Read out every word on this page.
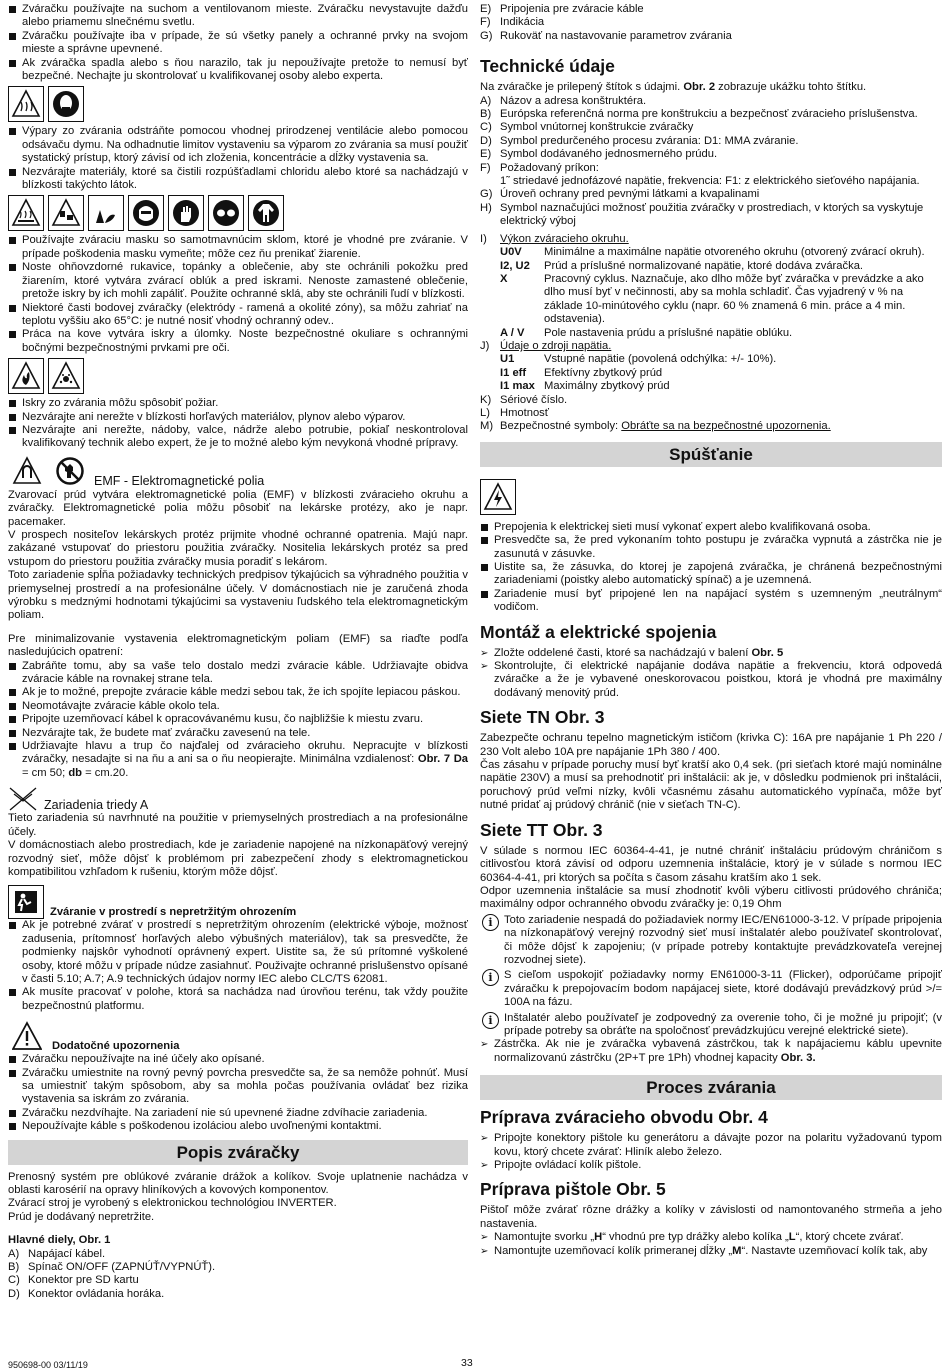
Zváračku používajte na suchom a ventilovanom mieste. Zváračku nevystavujte dažďu alebo priamemu slnečnému svetlu.
Zváračku používajte iba v prípade, že sú všetky panely a ochranné prvky na svojom mieste a správne upevnené.
Ak zváračka spadla alebo s ňou narazilo, tak ju nepoužívajte pretože to nemusí byť bezpečné. Nechajte ju skontrolovať u kvalifikovanej osoby alebo experta.
Výpary zo zvárania odstráňte pomocou vhodnej prirodzenej ventilácie alebo pomocou odsávaču dymu. Na odhadnutie limitov vystaveniu sa výparom zo zvárania sa musí použiť systatický prístup, ktorý závisí od ich zloženia, koncentrácie a dĺžky vystavenia sa.
Nezvárajte materiály, ktoré sa čistili rozpúšťadlami chloridu alebo ktoré sa nachádzajú v blízkosti takýchto látok.
Používajte zváraciu masku so samotmavnúcim sklom, ktoré je vhodné pre zváranie. V prípade poškodenia masku vymeňte; môže cez ňu prenikať žiarenie.
Noste ohňovzdorné rukavice, topánky a oblečenie, aby ste ochránili pokožku pred žiarením, ktoré vytvára zvárací oblúk a pred iskrami. Nenoste zamastené oblečenie, pretože iskry by ich mohli zapáliť. Použite ochranné sklá, aby ste ochránili ľudí v blízkosti.
Niektoré časti bodovej zváračky (elektródy - ramená a okolité zóny), sa môžu zahriať na teplotu vyššiu ako 65°C: je nutné nosiť vhodný ochranný odev..
Práca na kove vytvára iskry a úlomky. Noste bezpečnostné okuliare s ochrannými bočnými bezpečnostnými prvkami pre oči.
Iskry zo zvárania môžu spôsobiť požiar.
Nezvárajte ani nerežte v blízkosti horľavých materiálov, plynov alebo výparov.
Nezvárajte ani nerežte, nádoby, valce, nádrže alebo potrubie, pokiaľ neskontroloval kvalifikovaný technik alebo expert, že je to možné alebo kým nevykoná vhodné prípravy.
EMF - Elektromagnetické polia

Zvarovací prúd vytvára elektromagnetické polia (EMF) v blízkosti zváracieho okruhu a zváračky. Elektromagnetické polia môžu pôsobiť na lekárske protézy, ako je napr. pacemaker.

V prospech nositeľov lekárskych protéz prijmite vhodné ochranné opatrenia. Majú napr. zakázané vstupovať do priestoru použitia zváračky. Nositelia lekárskych protéz sa pred vstupom do priestoru použitia zváračky musia poradiť s lekárom.

Toto zariadenie spĺňa požiadavky technických predpisov týkajúcich sa výhradného použitia v priemyselnej prostredí a na profesionálne účely. V domácnostiach nie je zaručená zhoda výrobku s medznými hodnotami týkajúcimi sa vystaveniu ľudského tela elektromagnetickým poliam.

Pre minimalizovanie vystavenia elektromagnetickým poliam (EMF) sa riaďte podľa nasledujúcich opatrení:

Zabráňte tomu, aby sa vaše telo dostalo medzi zváracie káble. Udržiavajte obidva zváracie káble na rovnakej strane tela.
Ak je to možné, prepojte zváracie káble medzi sebou tak, že ich spojíte lepiacou páskou.
Neomotávajte zváracie káble okolo tela.
Pripojte uzemňovací kábel k opracovávanému kusu, čo najbližšie k miestu zvaru.
Nezvárajte tak, že budete mať zváračku zavesenú na tele.
Udržiavajte hlavu a trup čo najďalej od zváracieho okruhu. Nepracujte v blízkosti zváračky, nesadajte si na ňu a ani sa o ňu neopierajte. Minimálna vzdialenosť: Obr. 7 Da = cm 50; db = cm.20.
Zariadenia triedy A

Tieto zariadenia sú navrhnuté na použitie v priemyselných prostrediach a na profesionálne účely.

V domácnostiach alebo prostrediach, kde je zariadenie napojené na nízkonapäťový verejný rozvodný sieť, môže dôjsť k problémom pri zabezpečení zhody s elektromagnetickou kompatibilitou vzhľadom k rušeniu, ktorým môže dôjsť.

Zváranie v prostredí s nepretržitým ohrozením
Ak je potrebné zvárať v prostredí s nepretržitým ohrozením (elektrické výboje, možnosť zadusenia, prítomnosť horľavých alebo výbušných materiálov), tak sa presvedčte, že podmienky najskôr vyhodnotí oprávnený expert. Uistite sa, že sú prítomné vyškolené osoby, ktoré môžu v prípade núdze zasiahnuť. Použivajte ochranné prislušenstvo opísané v časti 5.10; A.7; A.9 technických údajov normy IEC alebo CLC/TS 62081.
Ak musíte pracovať v polohe, ktorá sa nachádza nad úrovňou terénu, tak vždy použite bezpečnostnú platformu.
Dodatočné upozornenia
Zváračku nepoužívajte na iné účely ako opísané.
Zváračku umiestnite na rovný pevný povrcha presvedčte sa, že sa nemôže pohnúť. Musí sa umiestniť takým spôsobom, aby sa mohla počas používania ovládať bez rizika vystavenia sa iskrám zo zvárania.
Zváračku nezdvíhajte. Na zariadení nie sú upevnené žiadne zdvíhacie zariadenia.
Nepoužívajte káble s poškodenou izoláciou alebo uvoľnenými kontaktmi.
Popis zváračky

Prenosný systém pre oblúkové zváranie drážok a kolíkov. Svoje uplatnenie nachádza v oblasti karosérií na opravy hliníkových a kovových komponentov.

Zvárací stroj je vyrobený s elektronickou technológiou INVERTER.

Prúd je dodávaný nepretržite.

Hlavné diely, Obr. 1
A) Napájací kábel.
B) Spínač ON/OFF (ZAPNÚŤ/VYPNÚŤ).
C) Konektor pre SD kartu
D) Konektor ovládania horáka.
E) Pripojenia pre zváracie káble
F) Indikácia
G) Rukoväť na nastavovanie parametrov zvárania
Technické údaje

Na zváračke je prilepený štítok s údajmi. Obr. 2 zobrazuje ukážku tohto štítku.

A) Názov a adresa konštruktéra.
B) Európska referenčná norma pre konštrukciu a bezpečnosť zváracieho príslušenstva.
C) Symbol vnútornej konštrukcie zváračky
D) Symbol predurčeného procesu zvárania: D1: MMA zváranie.
E) Symbol dodávaného jednosmerného prúdu.
F) Požadovaný príkon:
1˜ striedavé jednofázové napätie, frekvencia: F1: z elektrického sieťového napájania.
G) Úroveň ochrany pred pevnými látkami a kvapalinami
H) Symbol naznačujúci možnosť použitia zváračky v prostrediach, v ktorých sa vyskytuje elektrický výboj
I) Výkon zváracieho okruhu.
U0V	Minimálne a maximálne napätie otvoreného okruhu (otvorený zvárací okruh).
I2, U2	Prúd a príslušné normalizované napätie, ktoré dodáva zváračka.
X	Pracovný cyklus. Naznačuje, ako dlho môže byť zváračka v prevádzke a ako dlho musí byť v nečinnosti, aby sa mohla schladiť. Čas vyjadrený v % na základe 10-minútového cyklu (napr. 60 % znamená 6 min. práce a 4 min. odstavenia).
A / V	Pole nastavenia prúdu a príslušné napätie oblúku.
J) Údaje o zdroji napätia.
U1	Vstupné napätie (povolená odchýlka: +/- 10%).
I1 eff	Efektívny zbytkový prúd
I1 max Maximálny zbytkový prúd
K) Sériové číslo.
L) Hmotnosť
M) Bezpečnostné symboly: Obráťte sa na bezpečnostné upozornenia.
Spúšťanie
Prepojenia k elektrickej sieti musí vykonať expert alebo kvalifikovaná osoba.
Presvedčte sa, že pred vykonaním tohto postupu je zváračka vypnutá a zástrčka nie je zasunutá v zásuvke.
Uistite sa, že zásuvka, do ktorej je zapojená zváračka, je chránená bezpečnostnými zariadeniami (poistky alebo automatický spínač) a je uzemnená.
Zariadenie musí byť pripojené len na napájací systém s uzemneným „neutrálnym“ vodičom.
Montáž a elektrické spojenia
➢ Zložte oddelené časti, ktoré sa nachádzajú v balení Obr. 5
➢ Skontrolujte, či elektrické napájanie dodáva napätie a frekvenciu, ktorá odpovedá zváračke a že je vybavené oneskorovacou poistkou, ktorá je vhodná pre maximálny dodávaný menovitý prúd.
Siete TN Obr. 3

Zabezpečte ochranu tepelno magnetickým ističom (krivka C): 16A pre napájanie 1 Ph 220 / 230 Volt alebo 10A pre napájanie 1Ph 380 / 400.

Čas zásahu v prípade poruchy musí byť kratší ako 0,4 sek. (pri sieťach ktoré majú nominálne napätie 230V) a musí sa prehodnotiť pri inštalácii: ak je, v dôsledku podmienok pri inštalácii, poruchový prúd veľmi nízky, kvôli včasnému zásahu automatického vypínača, môže byť nutné pridať aj prúdový chránič (nie v sieťach TN-C).

Siete TT Obr. 3

V súlade s normou IEC 60364-4-41, je nutné chrániť inštaláciu prúdovým chráničom s citlivosťou ktorá závisí od odporu uzemnenia inštalácie, ktorý je v súlade s normou IEC 60364-4-41, pri ktorých sa počíta s časom zásahu kratším ako 1 sek.

Odpor uzemnenia inštalácie sa musí zhodnotiť kvôli výberu citlivosti prúdového chrániča; maximálny odpor ochranného obvodu zváračky je: 0,19 Ohm

i	Toto zariadenie nespadá do požiadaviek normy IEC/EN61000-3-12. V prípade pripojenia na nízkonapäťový verejný rozvodný sieť musí inštalatér alebo používateľ skontrolovať, či môže dôjsť k zapojeniu; (v prípade potreby kontaktujte prevádzkovateľa verejnej rozvodnej siete).
i	S cieľom uspokojiť požiadavky normy EN61000-3-11 (Flicker), odporúčame pripojiť zváračku k prepojovacím bodom napájacej siete, ktoré dodávajú prevádzkový prúd >/= 100A na fázu.
i	Inštalatér alebo používateľ je zodpovedný za overenie toho, či je možné ju pripojiť; (v prípade potreby sa obráťte na spoločnosť prevádzkujúcu verejné elektrické siete).
➢ Zástrčka. Ak nie je zváračka vybavená zástrčkou, tak k napájaciemu káblu upevnite normalizovanú zástrčku (2P+T pre 1Ph) vhodnej kapacity Obr. 3.
Proces zvárania
Príprava zváracieho obvodu Obr. 4
➢ Pripojte konektory pištole ku generátoru a dávajte pozor na polaritu vyžadovanú typom kovu, ktorý chcete zvárať: Hliník alebo železo.
➢ Pripojte ovládací kolík pištole.
Príprava pištole Obr. 5

Pištoľ môže zvárať rôzne drážky a kolíky v závislosti od namontovaného strmeňa a jeho nastavenia.

➢ Namontujte svorku „H“ vhodnú pre typ drážky alebo kolíka „L“, ktorý chcete zvárať.
➢ Namontujte uzemňovací kolík primeranej dĺžky „M“. Nastavte uzemňovací kolík tak, aby
950698-00 03/11/19	33
